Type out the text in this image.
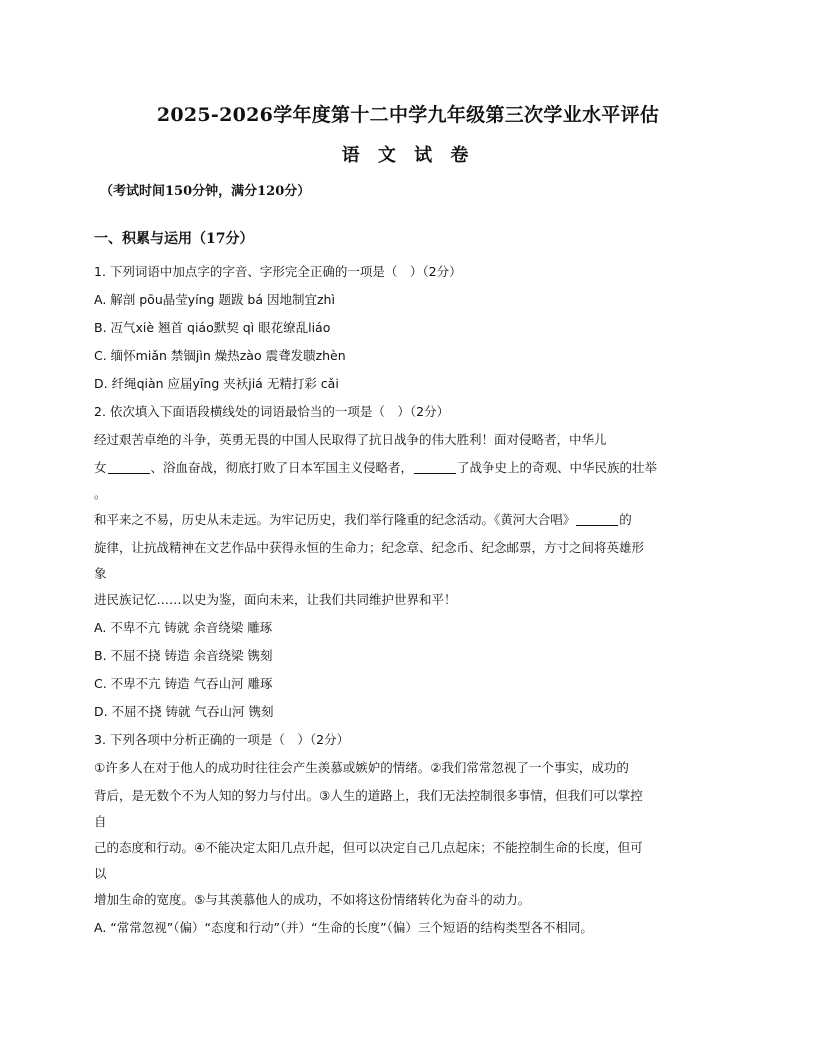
2025-2026学年度第十二中学九年级第三次学业水平评估
语 文 试 卷
（考试时间150分钟，满分120分）
一、积累与运用（17分）
1. 下列词语中加点字的字音、字形完全正确的一项是（　）（2分）
A. 解剖 pōu晶莹yíng 题跋 bá 因地制宜zhì
B. 冱气xiè 翘首 qiáo默契 qì 眼花缭乱liáo
C. 缅怀miǎn 禁锢jìn 燥热zào 震聋发聩zhèn
D. 纤绳qiàn 应届yīng 夹袄jiá 无精打彩 cǎi
2. 依次填入下面语段横线处的词语最恰当的一项是（　）（2分）
经过艰苦卓绝的斗争，英勇无畏的中国人民取得了抗日战争的伟大胜利！面对侵略者，中华儿
女	、浴血奋战，彻底打败了日本军国主义侵略者，	了战争史上的奇观、中华民族的壮举
。
和平来之不易，历史从未走远。为牢记历史，我们举行隆重的纪念活动。《黄河大合唱》	的
旋律，让抗战精神在文艺作品中获得永恒的生命力；纪念章、纪念币、纪念邮票，方寸之间将英雄形
象
进民族记忆……以史为鉴，面向未来，让我们共同维护世界和平！
A. 不卑不亢 铸就 余音绕梁 雕琢
B. 不屈不挠 铸造 余音绕梁 镌刻
C. 不卑不亢 铸造 气吞山河 雕琢
D. 不屈不挠 铸就 气吞山河 镌刻
3. 下列各项中分析正确的一项是（　）（2分）
①许多人在对于他人的成功时往往会产生羡慕或嫉妒的情绪。②我们常常忽视了一个事实，成功的
背后，是无数个不为人知的努力与付出。③人生的道路上，我们无法控制很多事情，但我们可以掌控
自
己的态度和行动。④不能决定太阳几点升起，但可以决定自己几点起床；不能控制生命的长度，但可
以
增加生命的宽度。⑤与其羡慕他人的成功，不如将这份情绪转化为奋斗的动力。
A. “常常忽视”（偏）“态度和行动”（并）“生命的长度”（偏）三个短语的结构类型各不相同。
